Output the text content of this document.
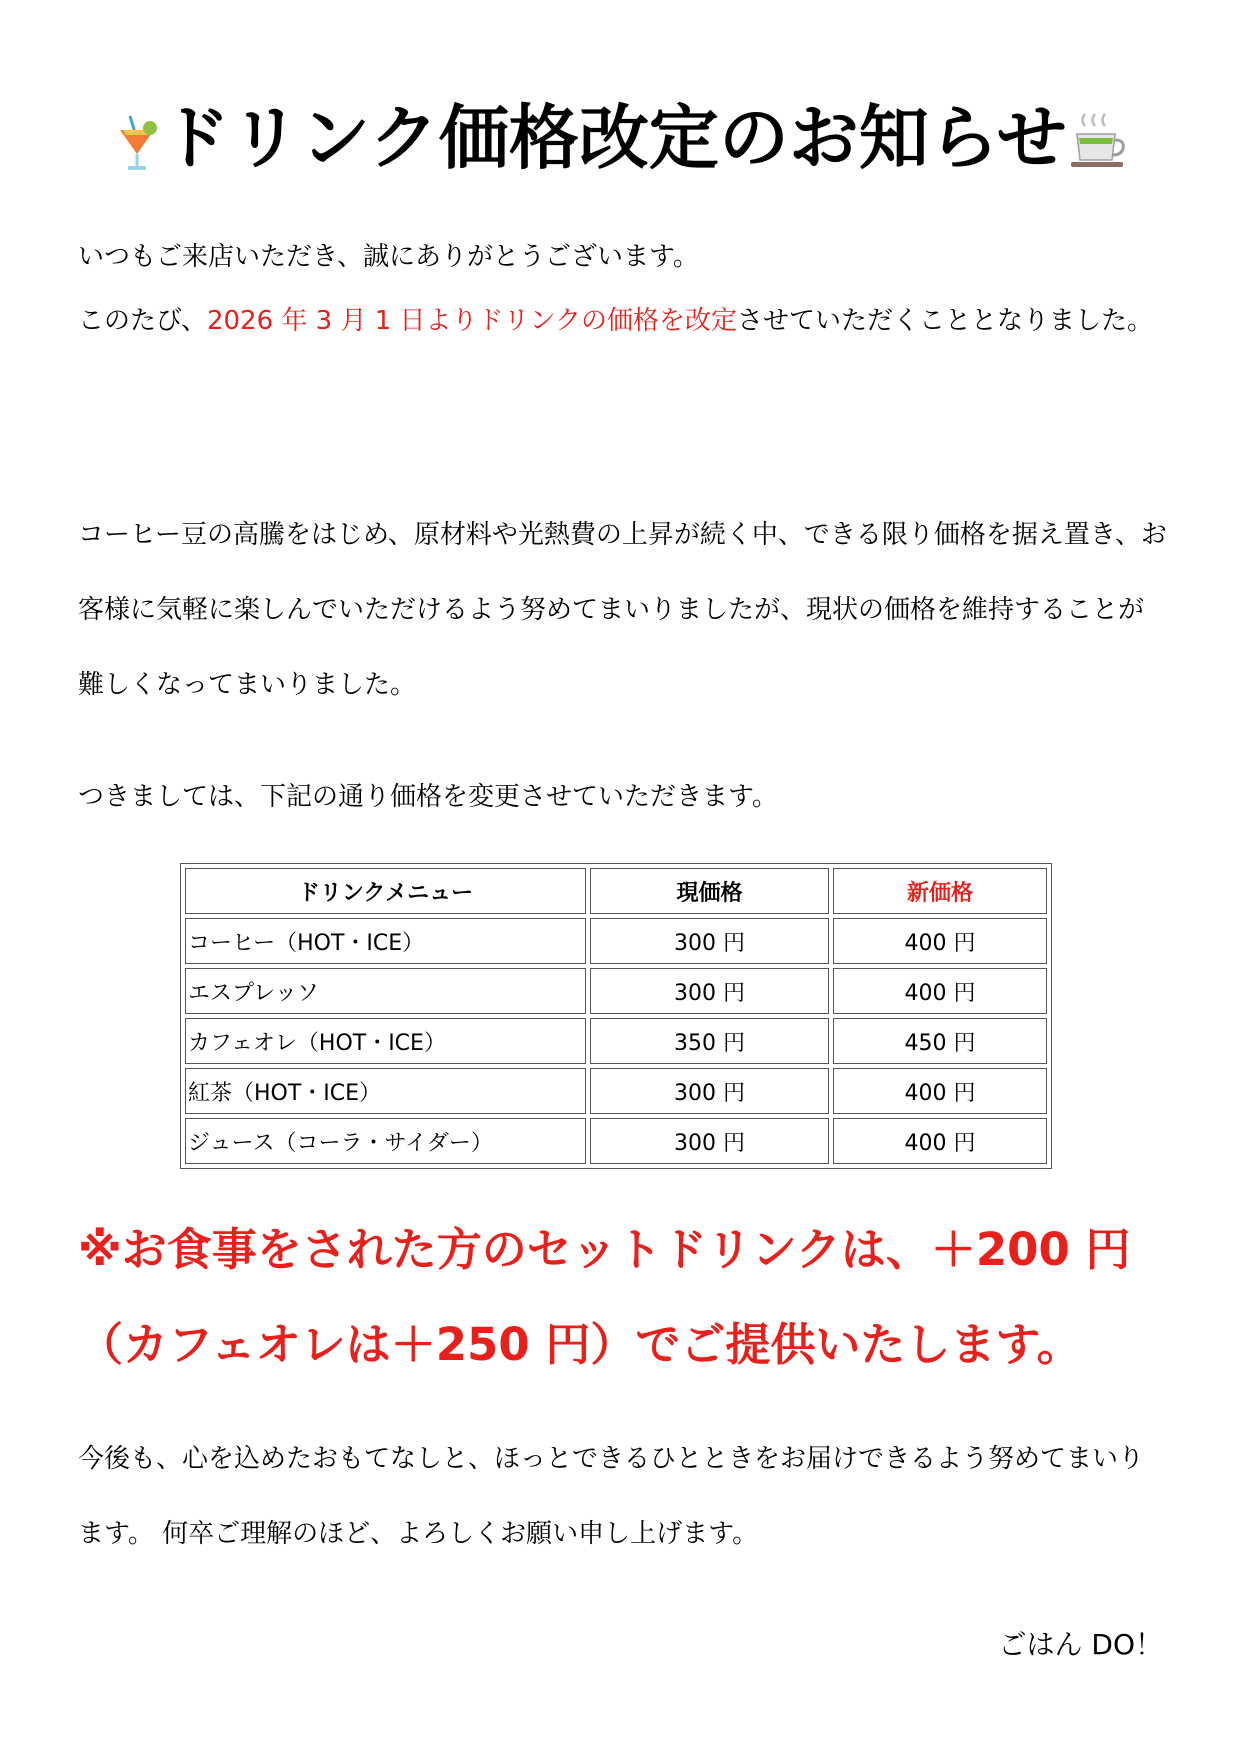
ドリンク価格改定のお知らせ

いつもご来店いただき、誠にありがとうございます。

このたび、2026 年 3 月 1 日よりドリンクの価格を改定させていただくこととなりました。

コーヒー豆の高騰をはじめ、原材料や光熱費の上昇が続く中、できる限り価格を据え置き、お客様に気軽に楽しんでいただけるよう努めてまいりましたが、現状の価格を維持することが難しくなってまいりました。

つきましては、下記の通り価格を変更させていただきます。

ドリンクメニュー	現価格	新価格
コーヒー（HOT・ICE）	300 円	400 円
エスプレッソ	300 円	400 円
カフェオレ（HOT・ICE）	350 円	450 円
紅茶（HOT・ICE）	300 円	400 円
ジュース（コーラ・サイダー）	300 円	400 円

※お食事をされた方のセットドリンクは、＋200 円（カフェオレは＋250 円）でご提供いたします。

今後も、心を込めたおもてなしと、ほっとできるひとときをお届けできるよう努めてまいります。 何卒ご理解のほど、よろしくお願い申し上げます。

ごはん DO！
